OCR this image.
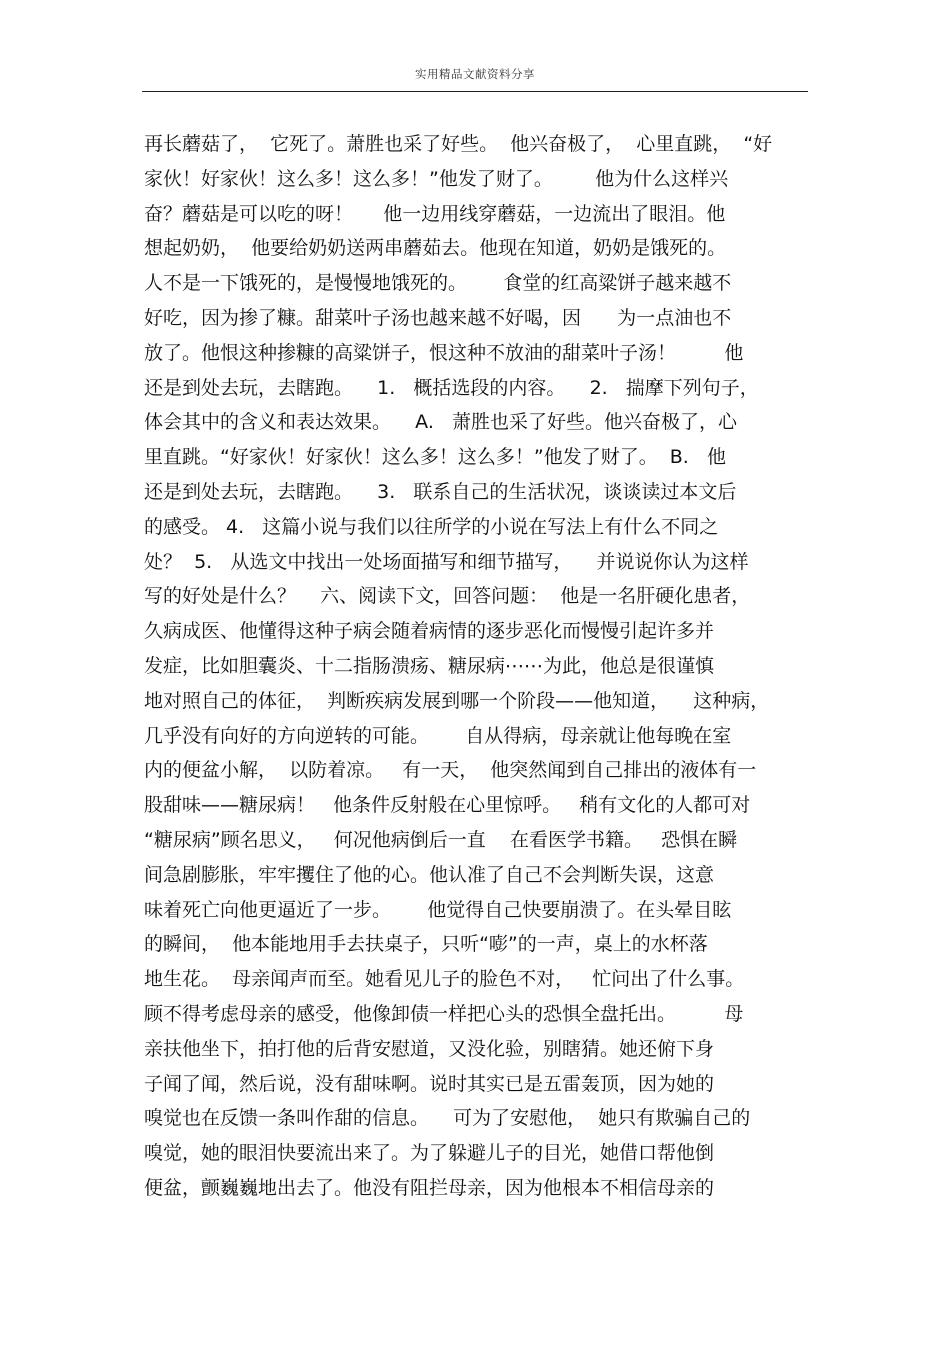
实用精品文献资料分享
再长蘑菇了，  它死了。萧胜也采了好些。  他兴奋极了，  心里直跳，  “好
家伙！好家伙！这么多！这么多！”他发了财了。       他为什么这样兴
奋？蘑菇是可以吃的呀！     他一边用线穿蘑菇，一边流出了眼泪。他
想起奶奶，  他要给奶奶送两串蘑茹去。他现在知道，奶奶是饿死的。
人不是一下饿死的，是慢慢地饿死的。      食堂的红高粱饼子越来越不
好吃，因为掺了糠。甜菜叶子汤也越来越不好喝，因      为一点油也不
放了。他恨这种掺糠的高粱饼子，恨这种不放油的甜菜叶子汤！        他
还是到处去玩，去瞎跑。    1.   概括选段的内容。    2.   揣摩下列句子，
体会其中的含义和表达效果。    A.   萧胜也采了好些。他兴奋极了，心
里直跳。“好家伙！好家伙！这么多！这么多！”他发了财了。  B.   他
还是到处去玩，去瞎跑。    3.   联系自己的生活状况，谈谈读过本文后
的感受。 4.   这篇小说与我们以往所学的小说在写法上有什么不同之
处？  5.   从选文中找出一处场面描写和细节描写，    并说说你认为这样
写的好处是什么？    六、阅读下文，回答问题：  他是一名肝硬化患者，
久病成医、他懂得这种子病会随着病情的逐步恶化而慢慢引起许多并
发症，比如胆囊炎、十二指肠溃疡、糖尿病⋯⋯为此，他总是很谨慎
地对照自己的体征，  判断疾病发展到哪一个阶段——他知道，    这种病，
几乎没有向好的方向逆转的可能。      自从得病，母亲就让他每晚在室
内的便盆小解，  以防着凉。   有一天，  他突然闻到自己排出的液体有一
股甜味——糖尿病！   他条件反射般在心里惊呼。   稍有文化的人都可对
“糖尿病”顾名思义，   何况他病倒后一直    在看医学书籍。   恐惧在瞬
间急剧膨胀，牢牢攫住了他的心。他认准了自己不会判断失误，这意
味着死亡向他更逼近了一步。      他觉得自己快要崩溃了。在头晕目眩
的瞬间，  他本能地用手去扶桌子，只听“嘭”的一声，桌上的水杯落
地生花。  母亲闻声而至。她看见儿子的脸色不对，   忙问出了什么事。
顾不得考虑母亲的感受，他像卸债一样把心头的恐惧全盘托出。        母
亲扶他坐下，拍打他的后背安慰道，又没化验，别瞎猜。她还俯下身
子闻了闻，然后说，没有甜味啊。说时其实已是五雷轰顶，因为她的
嗅觉也在反馈一条叫作甜的信息。    可为了安慰他，  她只有欺骗自己的
嗅觉，她的眼泪快要流出来了。为了躲避儿子的目光，她借口帮他倒
便盆，颤巍巍地出去了。他没有阻拦母亲，因为他根本不相信母亲的
